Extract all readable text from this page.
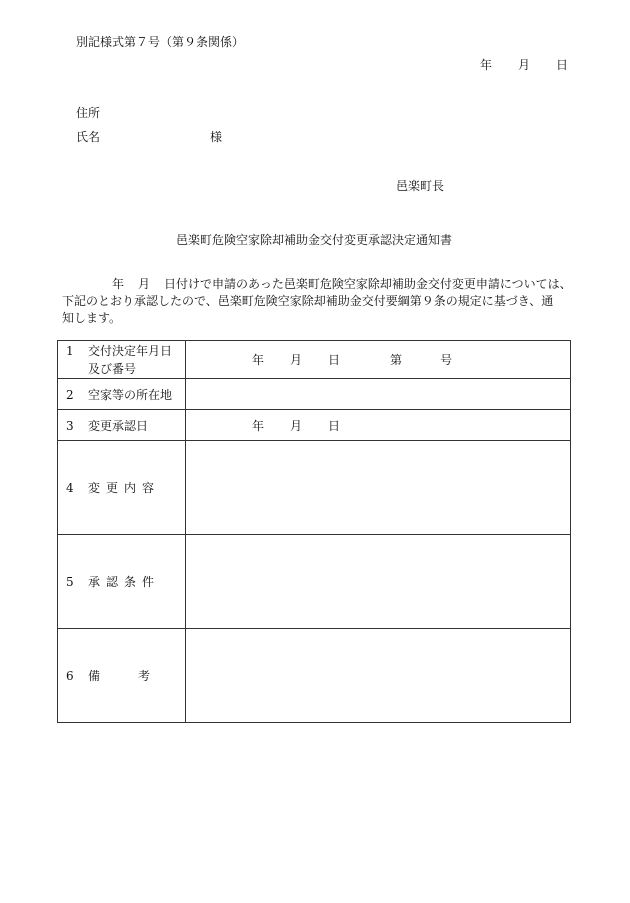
別記様式第７号（第９条関係）
年 月 日
住所
氏名	様
邑楽町長
邑楽町危険空家除却補助金交付変更承認決定通知書

年 月 日付けで申請のあった邑楽町危険空家除却補助金交付変更申請については、

下記のとおり承認したので、邑楽町危険空家除却補助金交付要綱第９条の規定に基づき、通

知します。

1 交付決定年月日
及び番号	年 月 日 第 号
2 空家等の所在地	
3 変更承認日	年 月 日
4 変更内容	
5 承認条件	
6 備 考	
